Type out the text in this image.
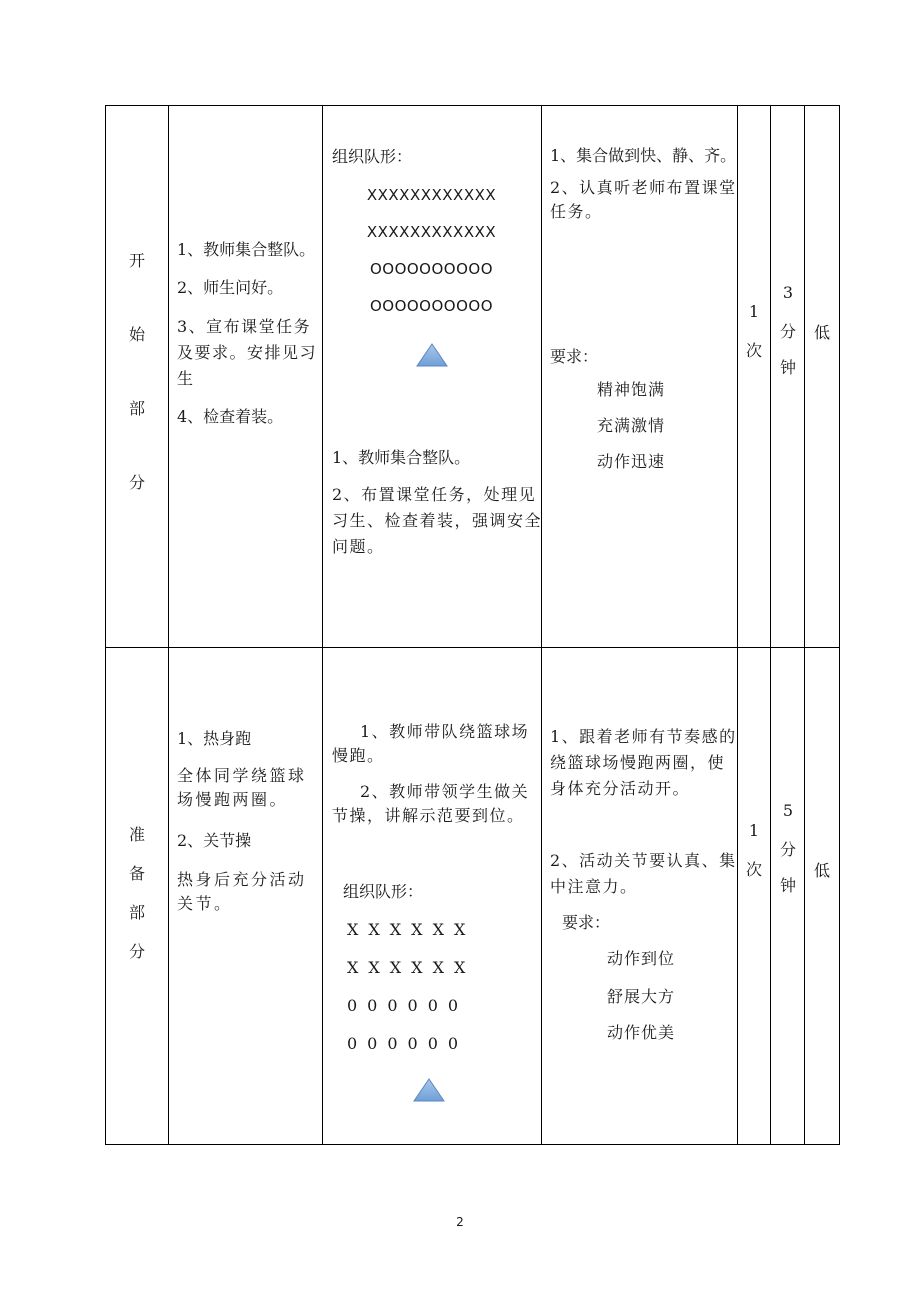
开
始
部
分
1、教师集合整队。
2、师生问好。
3、宣布课堂任务及要求。安排见习生
4、检查着装。
组织队形：
XXXXXXXXXXXX
XXXXXXXXXXXX
OOOOOOOOOO
OOOOOOOOOO
1、教师集合整队。
2、布置课堂任务，处理见习生、检查着装，强调安全问题。
1、集合做到快、静、齐。
2、认真听老师布置课堂任务。
要求：
精神饱满
充满激情
动作迅速
1
次
3
分
钟
低
准
备
部
分
1、热身跑
全体同学绕篮球场慢跑两圈。
2、关节操
热身后充分活动关节。
1、教师带队绕篮球场慢跑。
2、教师带领学生做关节操，讲解示范要到位。
组织队形：
XXXXXX
XXXXXX
000000
000000
1、跟着老师有节奏感的绕篮球场慢跑两圈，使身体充分活动开。
2、活动关节要认真、集中注意力。
要求：
动作到位
舒展大方
动作优美
1
次
5
分
钟
低
2
